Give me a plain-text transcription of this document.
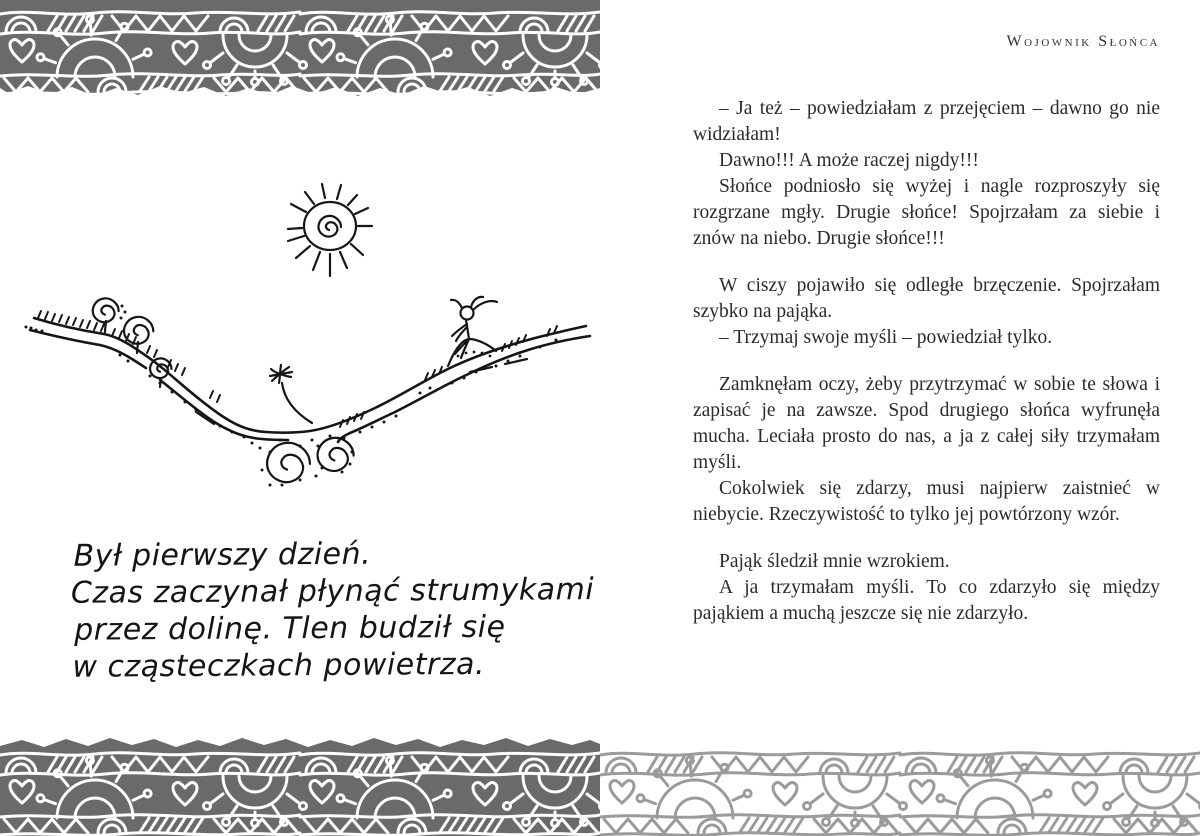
Wojownik Słońca
Był pierwszy dzień.
Czas zaczynał płynąć strumykami
przez dolinę. Tlen budził się
w cząsteczkach powietrza.

– Ja też – powiedziałam z przejęciem – dawno go nie widziałam!

Dawno!!! A może raczej nigdy!!!

Słońce podniosło się wyżej i nagle rozproszyły się rozgrzane mgły. Drugie słońce! Spojrzałam za siebie i znów na niebo. Drugie słońce!!!

W ciszy pojawiło się odległe brzęczenie. Spojrzałam szybko na pająka.

– Trzymaj swoje myśli – powiedział tylko.

Zamknęłam oczy, żeby przytrzymać w sobie te słowa i zapisać je na zawsze. Spod drugiego słońca wyfrunęła mucha. Leciała prosto do nas, a ja z całej siły trzymałam myśli.

Cokolwiek się zdarzy, musi najpierw zaistnieć w niebycie. Rzeczywistość to tylko jej powtórzony wzór.

Pająk śledził mnie wzrokiem.

A ja trzymałam myśli. To co zdarzyło się między pająkiem a muchą jeszcze się nie zdarzyło.
